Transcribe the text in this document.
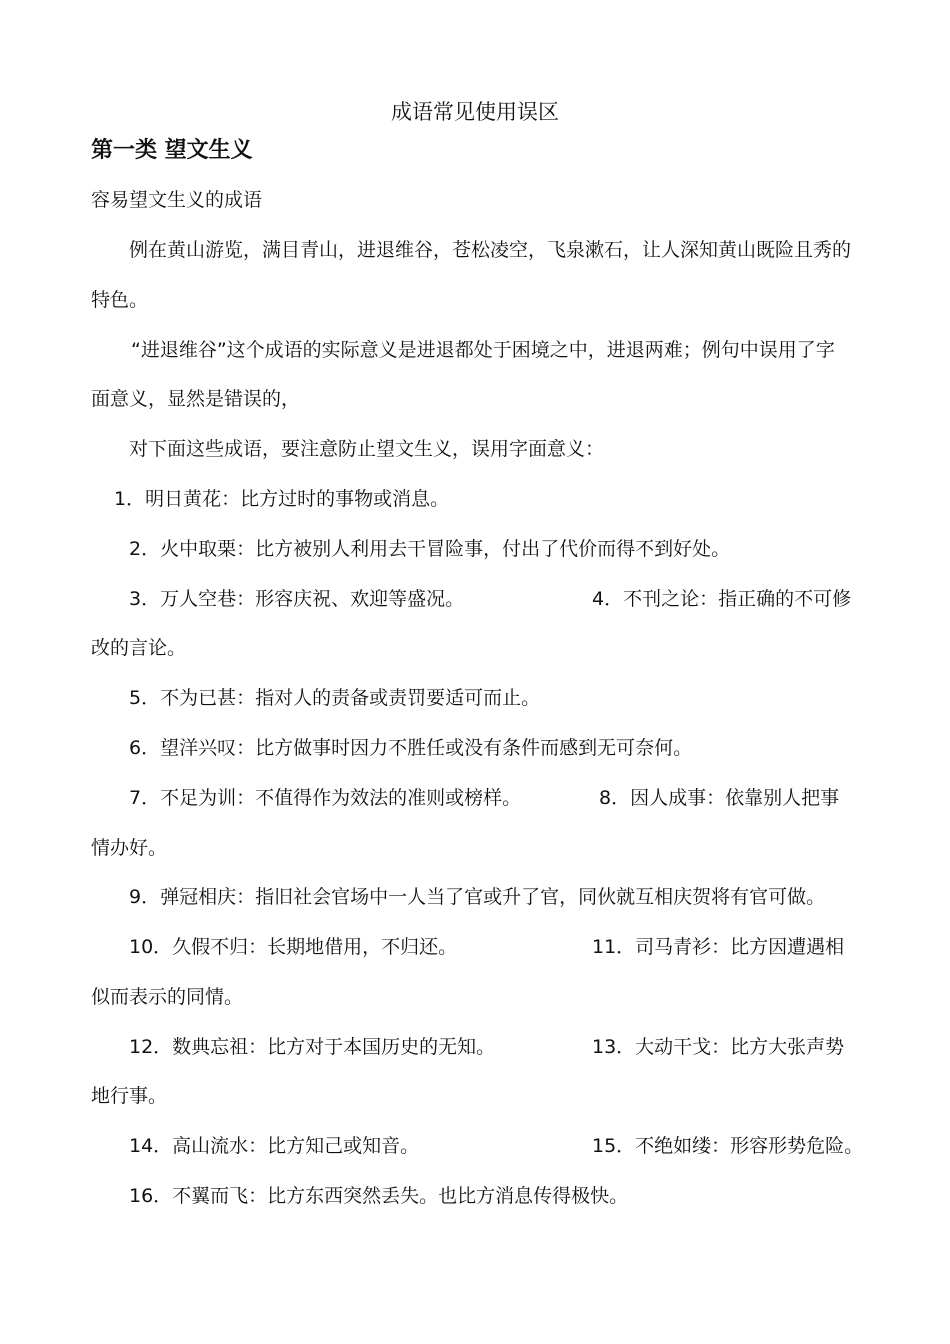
成语常见使用误区
第一类 望文生义

容易望文生义的成语

例在黄山游览，满目青山，进退维谷，苍松凌空，飞泉漱石，让人深知黄山既险且秀的

特色。

“进退维谷”这个成语的实际意义是进退都处于困境之中，进退两难；例句中误用了字

面意义，显然是错误的，

对下面这些成语，要注意防止望文生义，误用字面意义：

1．明日黄花：比方过时的事物或消息。

2．火中取栗：比方被别人利用去干冒险事，付出了代价而得不到好处。

3．万人空巷：形容庆祝、欢迎等盛况。	4．不刊之论：指正确的不可修

改的言论。

5．不为已甚：指对人的责备或责罚要适可而止。

6．望洋兴叹：比方做事时因力不胜任或没有条件而感到无可奈何。

7．不足为训：不值得作为效法的准则或榜样。	8．因人成事：依靠别人把事

情办好。

9．弹冠相庆：指旧社会官场中一人当了官或升了官，同伙就互相庆贺将有官可做。

10．久假不归：长期地借用，不归还。	11．司马青衫：比方因遭遇相

似而表示的同情。

12．数典忘祖：比方对于本国历史的无知。	13．大动干戈：比方大张声势

地行事。

14．高山流水：比方知己或知音。	15．不绝如缕：形容形势危险。

16．不翼而飞：比方东西突然丢失。也比方消息传得极快。
